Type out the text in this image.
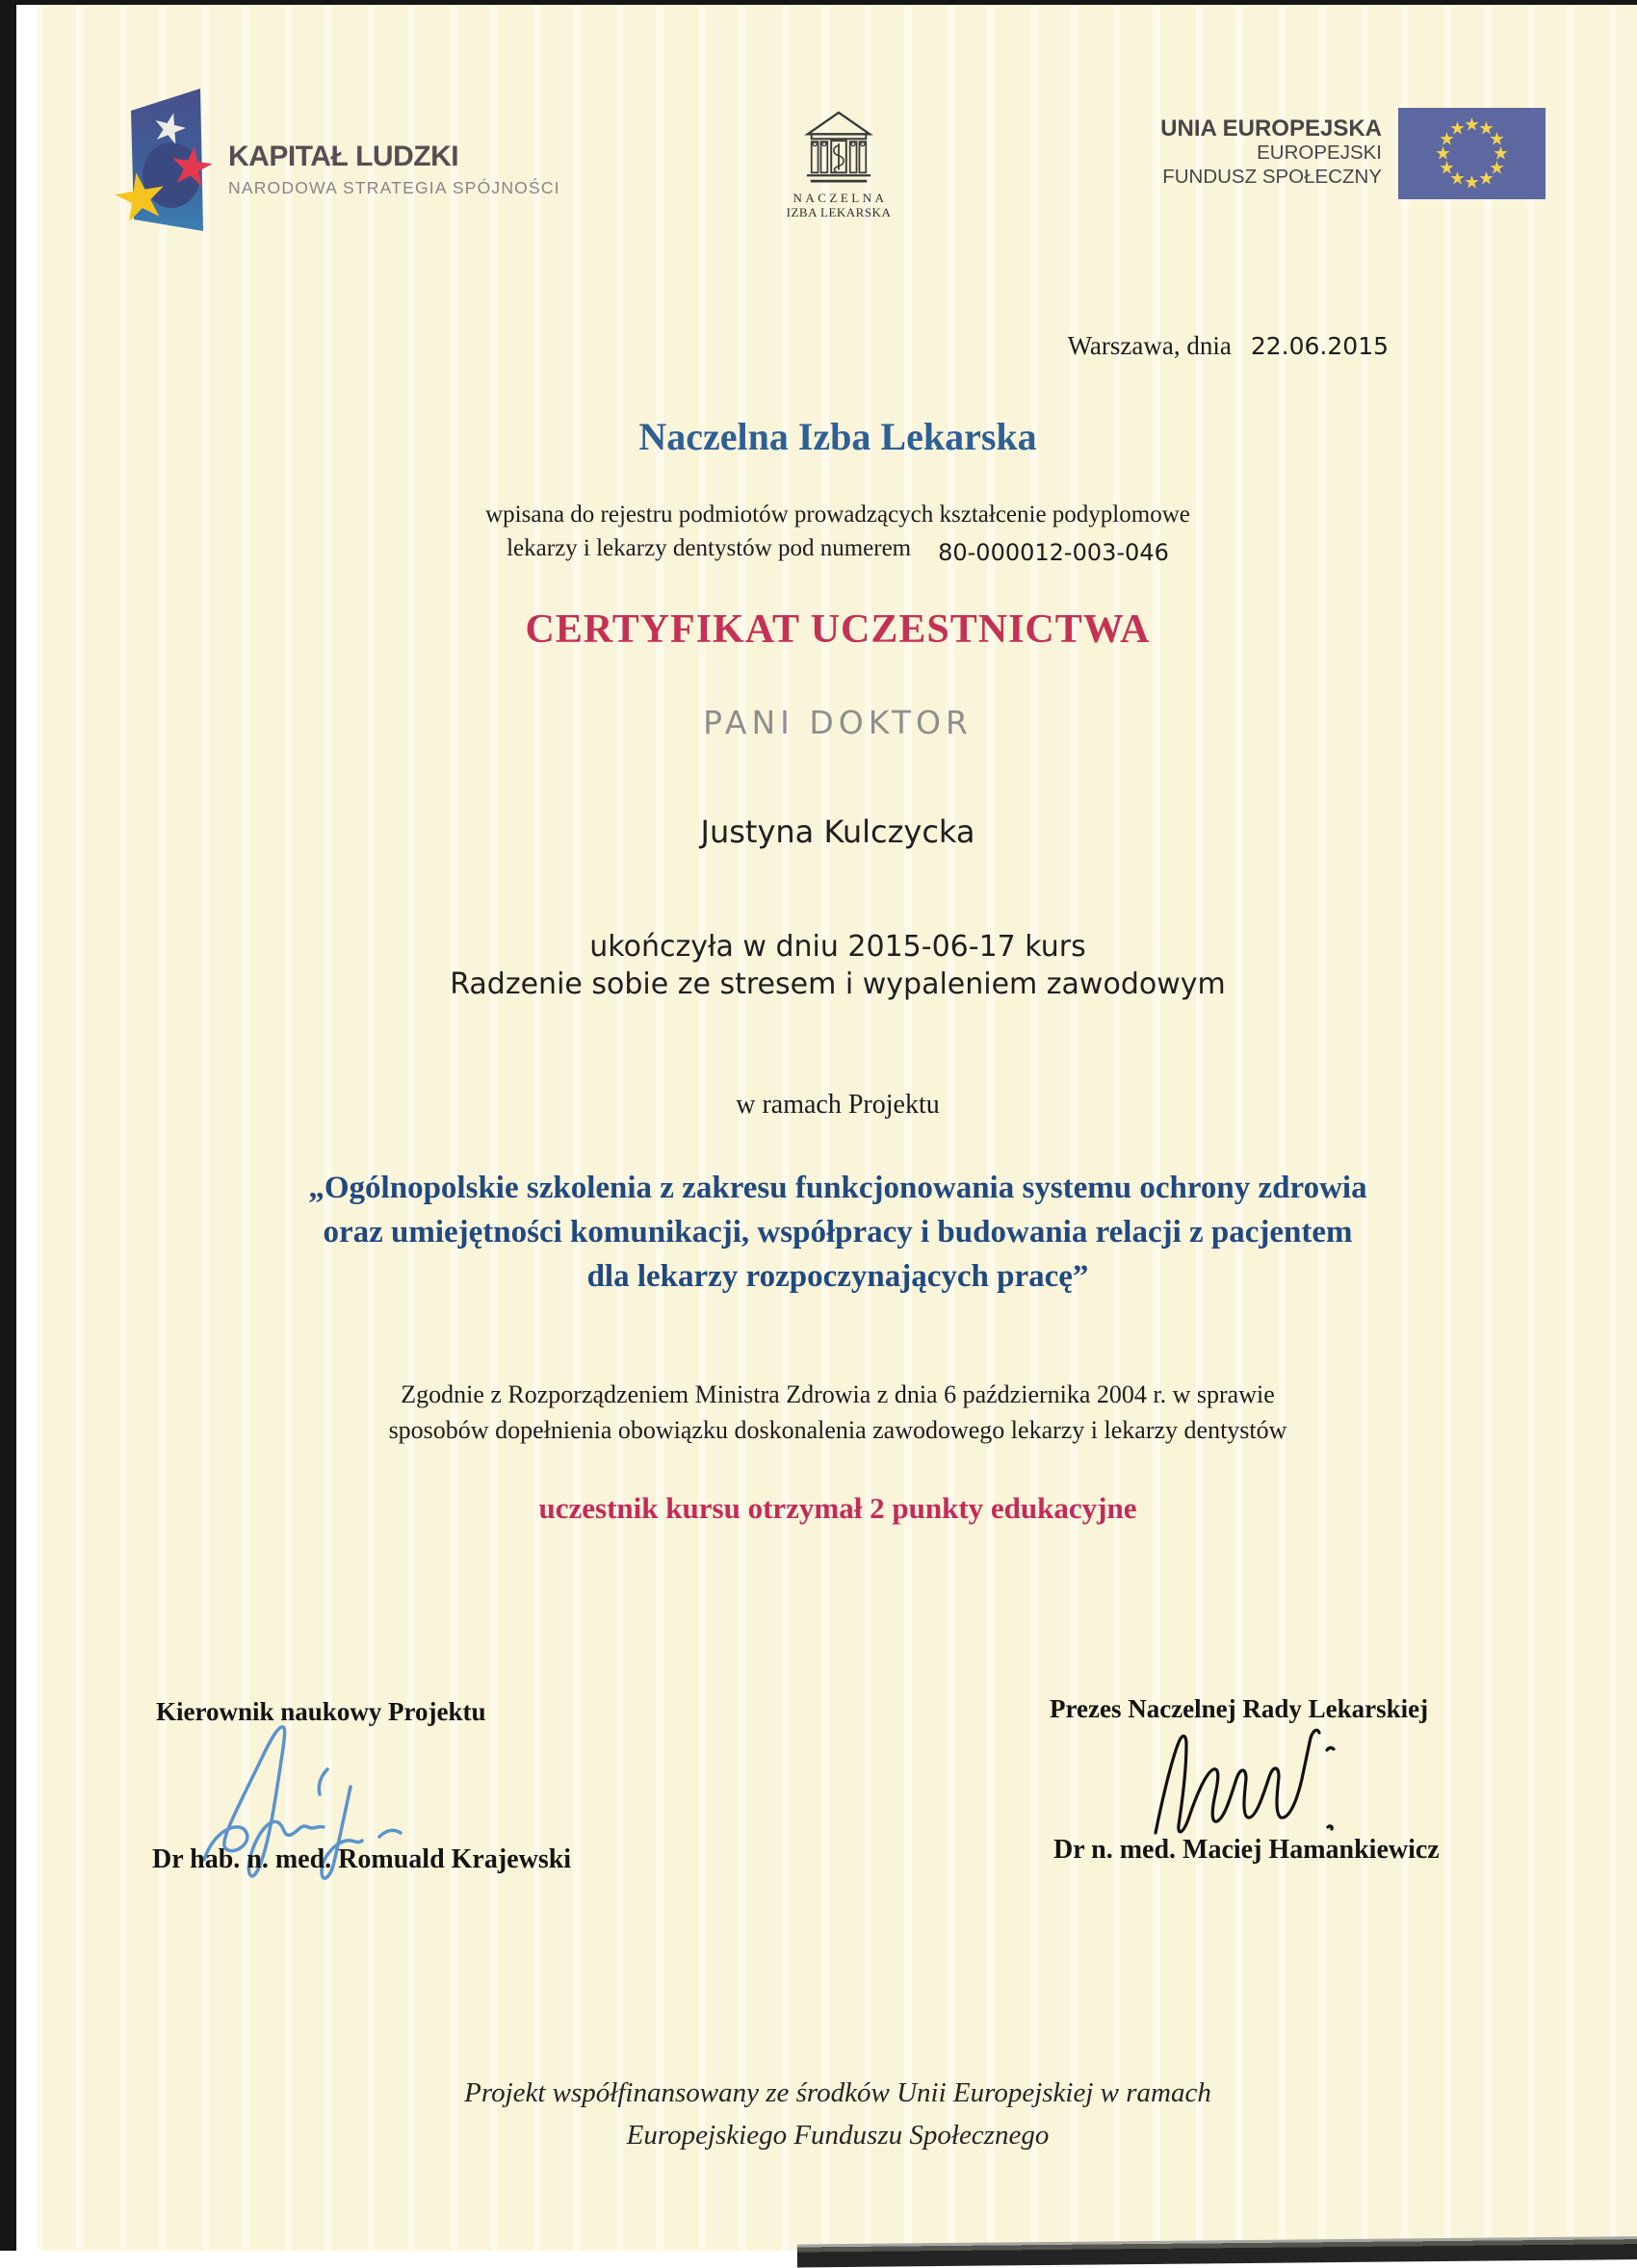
KAPITAŁ LUDZKI
NARODOWA STRATEGIA SPÓJNOŚCI
NACZELNA
IZBA LEKARSKA
UNIA EUROPEJSKA
EUROPEJSKI
FUNDUSZ SPOŁECZNY
Warszawa, dnia 22.06.2015
Naczelna Izba Lekarska
wpisana do rejestru podmiotów prowadzących kształcenie podyplomowe
lekarzy i lekarzy dentystów pod numerem 80-000012-003-046
CERTYFIKAT UCZESTNICTWA
PANI DOKTOR
Justyna Kulczycka
ukończyła w dniu 2015-06-17 kurs
Radzenie sobie ze stresem i wypaleniem zawodowym
w ramach Projektu
„Ogólnopolskie szkolenia z zakresu funkcjonowania systemu ochrony zdrowia
oraz umiejętności komunikacji, współpracy i budowania relacji z pacjentem
dla lekarzy rozpoczynających pracę”
Zgodnie z Rozporządzeniem Ministra Zdrowia z dnia 6 października 2004 r. w sprawie
sposobów dopełnienia obowiązku doskonalenia zawodowego lekarzy i lekarzy dentystów
uczestnik kursu otrzymał 2 punkty edukacyjne
Kierownik naukowy Projektu
Dr hab. n. med. Romuald Krajewski
Prezes Naczelnej Rady Lekarskiej
Dr n. med. Maciej Hamankiewicz
Projekt współfinansowany ze środków Unii Europejskiej w ramach
Europejskiego Funduszu Społecznego
